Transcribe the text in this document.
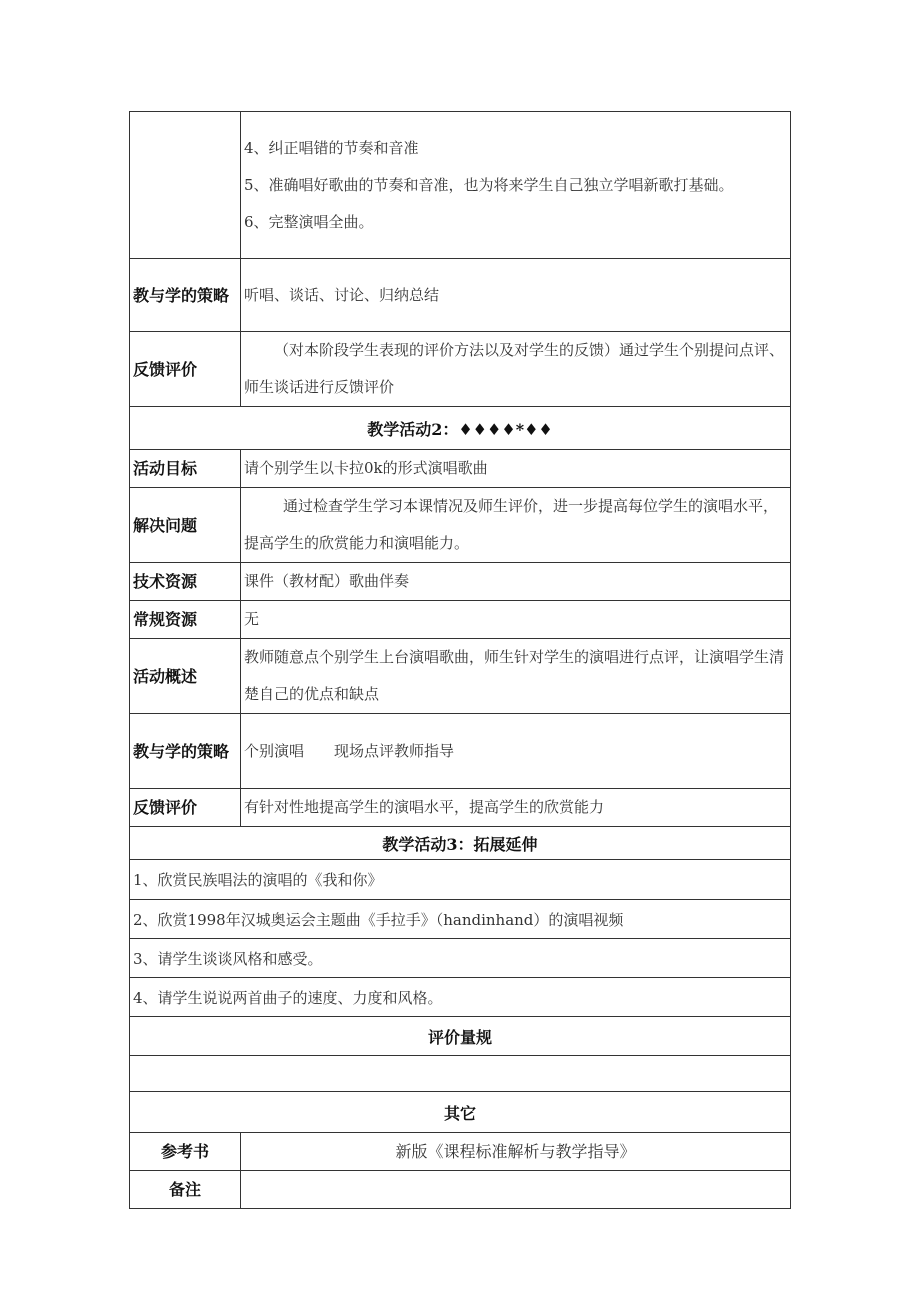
	4、纠正唱错的节奏和音准

5、准确唱好歌曲的节奏和音准，也为将来学生自己独立学唱新歌打基础。

6、完整演唱全曲。

教与学的策略	听唱、谈话、讨论、归纳总结
反馈评价	（对本阶段学生表现的评价方法以及对学生的反馈）通过学生个别提问点评、师生谈话进行反馈评价
教学活动2：♦♦♦♦*♦♦	
活动目标	请个别学生以卡拉0k的形式演唱歌曲
解决问题	通过检查学生学习本课情况及师生评价，进一步提高每位学生的演唱水平，提高学生的欣赏能力和演唱能力。
技术资源	课件（教材配）歌曲伴奏
常规资源	无
活动概述	教师随意点个别学生上台演唱歌曲，师生针对学生的演唱进行点评，让演唱学生清楚自己的优点和缺点
教与学的策略	个别演唱　　现场点评教师指导
反馈评价	有针对性地提高学生的演唱水平，提高学生的欣赏能力
教学活动3：拓展延伸	
1、欣赏民族唱法的演唱的《我和你》	
2、欣赏1998年汉城奥运会主题曲《手拉手》（handinhand）的演唱视频	
3、请学生谈谈风格和感受。	
4、请学生说说两首曲子的速度、力度和风格。	
评价量规	

其它	
参考书	新版《课程标准解析与教学指导》
备注	
